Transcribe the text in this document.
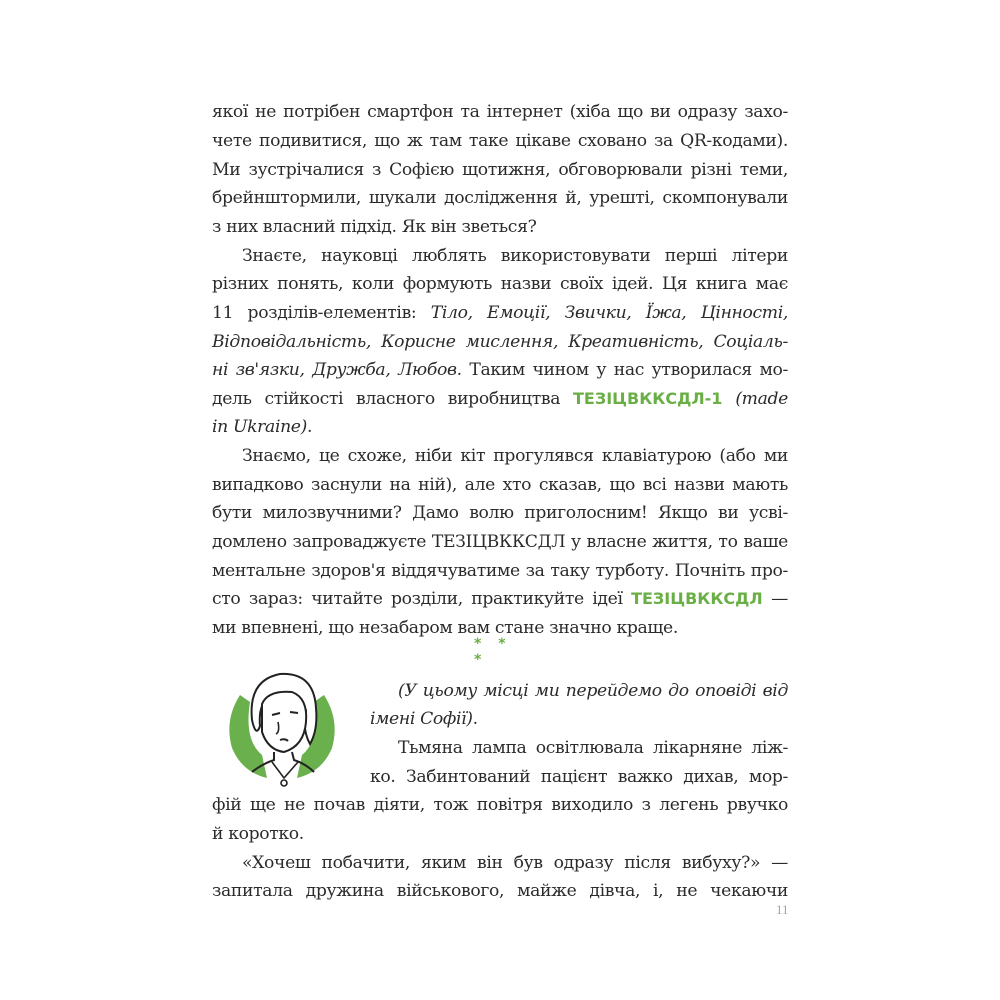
якої не потрібен смартфон та інтернет (хіба що ви одразу захо-
чете подивитися, що ж там таке цікаве сховано за QR-кодами).
Ми зустрічалися з Софією щотижня, обговорювали різні теми,
брейнштормили, шукали дослідження й, урешті, скомпонували
з них власний підхід. Як він зветься?
Знаєте, науковці люблять використовувати перші літери
різних понять, коли формують назви своїх ідей. Ця книга має
11 розділів-елементів: Тіло, Емоції, Звички, Їжа, Цінності,
Відповідальність, Корисне мислення, Креативність, Соціаль-
ні зв'язки, Дружба, Любов. Таким чином у нас утворилася мо-
дель стійкості власного виробництва ТЕЗІЦВККСДЛ-1 (made
in Ukraine).
Знаємо, це схоже, ніби кіт прогулявся клавіатурою (або ми
випадково заснули на ній), але хто сказав, що всі назви мають
бути милозвучними? Дамо волю приголосним! Якщо ви усві-
домлено запроваджуєте ТЕЗІЦВККСДЛ у власне життя, то ваше
ментальне здоров'я віддячуватиме за таку турботу. Почніть про-
сто зараз: читайте розділи, практикуйте ідеї ТЕЗІЦВККСДЛ —
ми впевнені, що незабаром вам стане значно краще.
* * *
(У цьому місці ми перейдемо до оповіді від
імені Софії).
Тьмяна лампа освітлювала лікарняне ліж-
ко. Забинтований пацієнт важко дихав, мор-
фій ще не почав діяти, тож повітря виходило з легень рвучко
й коротко.
«Хочеш побачити, яким він був одразу після вибуху?» —
запитала дружина військового, майже дівча, і, не чекаючи
11
